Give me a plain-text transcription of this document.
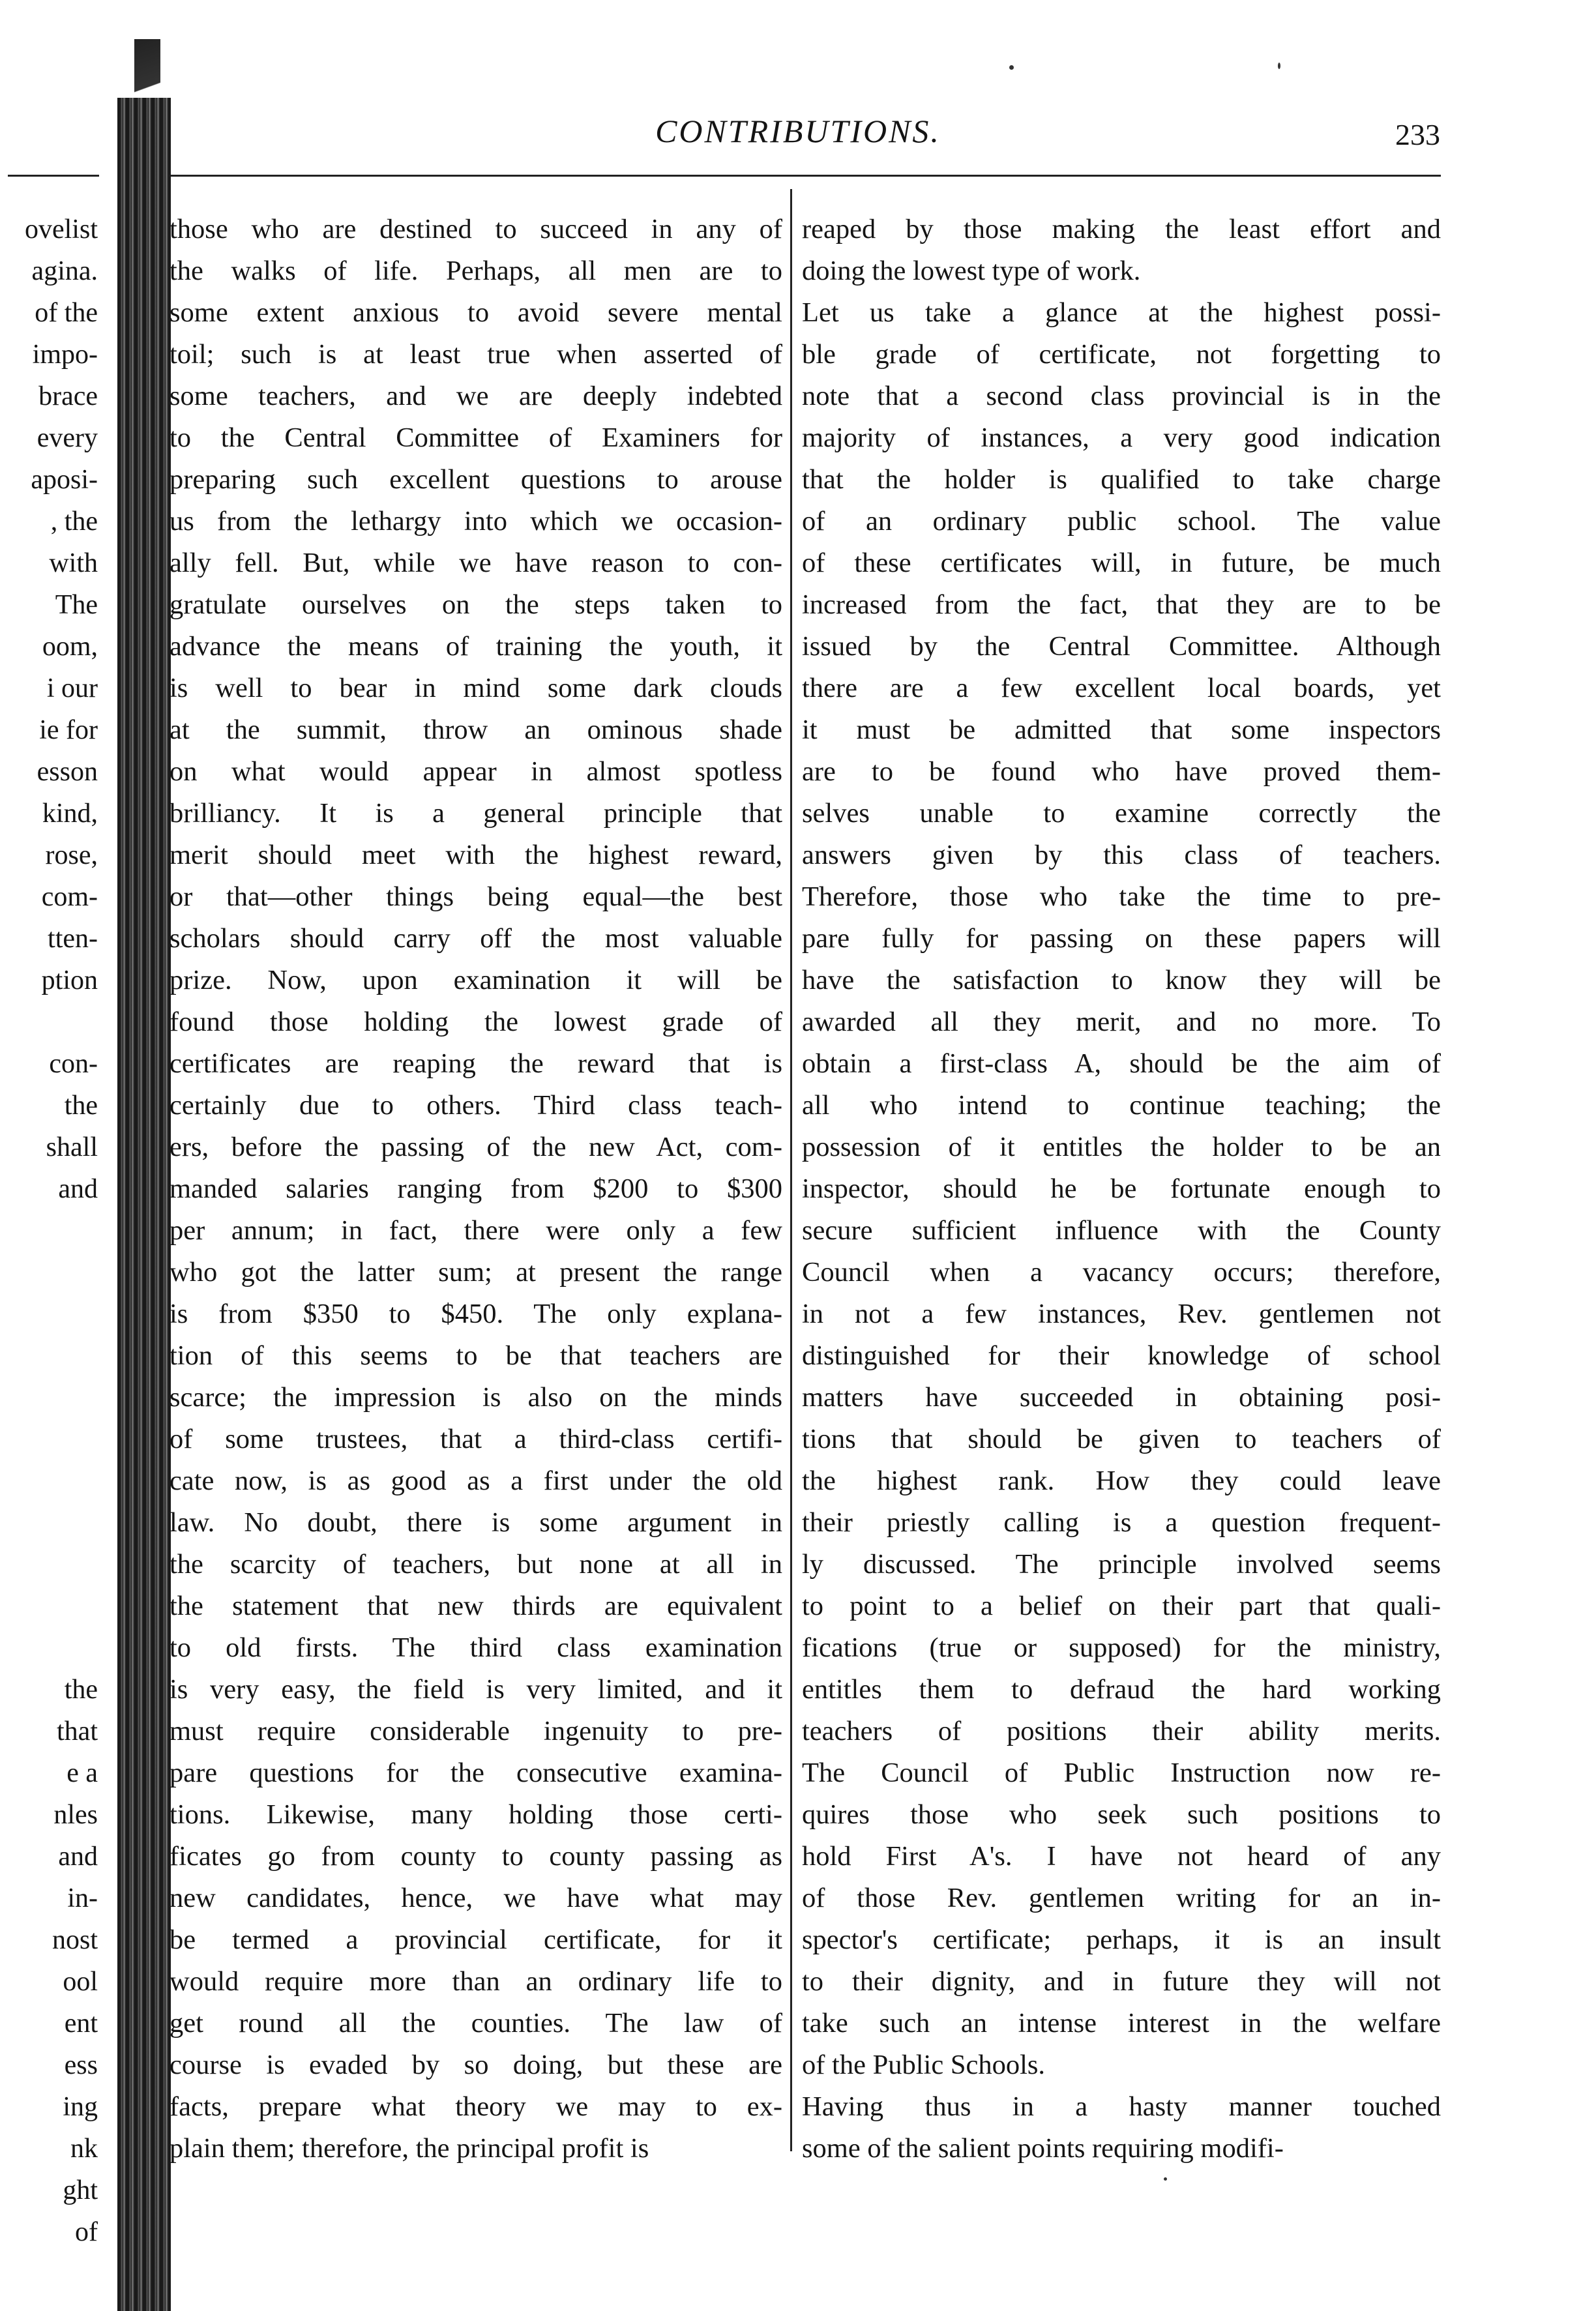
ovelist
agina.
of the
impo-
brace
every
aposi-
, the
with
The
oom,
i our
ie for
esson
kind,
rose,
com-
tten-
ption
con-
the
shall
and
the
that
e a
nles
and
in-
nost
ool
ent
ess
ing
nk
ght
of
CONTRIBUTIONS.	233
those who are destined to succeed in any of
the walks of life. Perhaps, all men are to
some extent anxious to avoid severe mental
toil; such is at least true when asserted of
some teachers, and we are deeply indebted
to the Central Committee of Examiners for
preparing such excellent questions to arouse
us from the lethargy into which we occasion-
ally fell. But, while we have reason to con-
gratulate ourselves on the steps taken to
advance the means of training the youth, it
is well to bear in mind some dark clouds
at the summit, throw an ominous shade
on what would appear in almost spotless
brilliancy. It is a general principle that
merit should meet with the highest reward,
or that—other things being equal—the best
scholars should carry off the most valuable
prize. Now, upon examination it will be
found those holding the lowest grade of
certificates are reaping the reward that is
certainly due to others. Third class teach-
ers, before the passing of the new Act, com-
manded salaries ranging from $200 to $300
per annum; in fact, there were only a few
who got the latter sum; at present the range
is from $350 to $450. The only explana-
tion of this seems to be that teachers are
scarce; the impression is also on the minds
of some trustees, that a third-class certifi-
cate now, is as good as a first under the old
law. No doubt, there is some argument in
the scarcity of teachers, but none at all in
the statement that new thirds are equivalent
to old firsts. The third class examination
is very easy, the field is very limited, and it
must require considerable ingenuity to pre-
pare questions for the consecutive examina-
tions. Likewise, many holding those certi-
ficates go from county to county passing as
new candidates, hence, we have what may
be termed a provincial certificate, for it
would require more than an ordinary life to
get round all the counties. The law of
course is evaded by so doing, but these are
facts, prepare what theory we may to ex-
plain them; therefore, the principal profit is
reaped by those making the least effort and
doing the lowest type of work.
Let us take a glance at the highest possi-
ble grade of certificate, not forgetting to
note that a second class provincial is in the
majority of instances, a very good indication
that the holder is qualified to take charge
of an ordinary public school. The value
of these certificates will, in future, be much
increased from the fact, that they are to be
issued by the Central Committee. Although
there are a few excellent local boards, yet
it must be admitted that some inspectors
are to be found who have proved them-
selves unable to examine correctly the
answers given by this class of teachers.
Therefore, those who take the time to pre-
pare fully for passing on these papers will
have the satisfaction to know they will be
awarded all they merit, and no more. To
obtain a first-class A, should be the aim of
all who intend to continue teaching; the
possession of it entitles the holder to be an
inspector, should he be fortunate enough to
secure sufficient influence with the County
Council when a vacancy occurs; therefore,
in not a few instances, Rev. gentlemen not
distinguished for their knowledge of school
matters have succeeded in obtaining posi-
tions that should be given to teachers of
the highest rank. How they could leave
their priestly calling is a question frequent-
ly discussed. The principle involved seems
to point to a belief on their part that quali-
fications (true or supposed) for the ministry,
entitles them to defraud the hard working
teachers of positions their ability merits.
The Council of Public Instruction now re-
quires those who seek such positions to
hold First A's. I have not heard of any
of those Rev. gentlemen writing for an in-
spector's certificate; perhaps, it is an insult
to their dignity, and in future they will not
take such an intense interest in the welfare
of the Public Schools.
Having thus in a hasty manner touched
some of the salient points requiring modifi-
